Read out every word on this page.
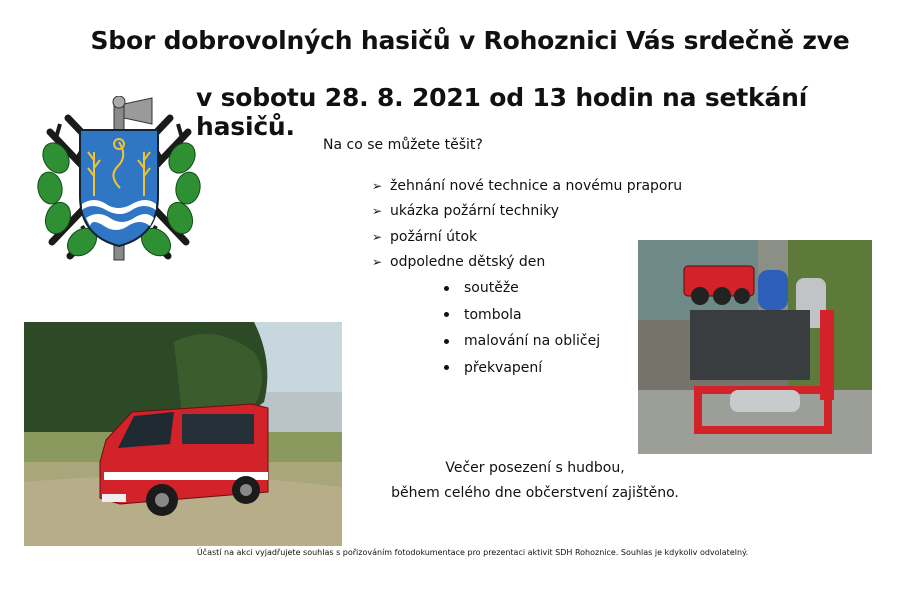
Sbor dobrovolných hasičů v Rohoznici Vás srdečně zve
v sobotu 28. 8. 2021 od 13 hodin na setkání hasičů.
Na co se můžete těšit?
➢ žehnání nové technice a novému praporu
➢ ukázka požární techniky
➢ požární útok
➢ odpoledne dětský den
soutěže
tombola
malování na obličej
překvapení
Večer posezení s hudbou,
během celého dne občerstvení zajištěno.
Účastí na akci vyjadřujete souhlas s pořizováním fotodokumentace pro prezentaci aktivit SDH Rohoznice. Souhlas je kdykoliv odvolatelný.
